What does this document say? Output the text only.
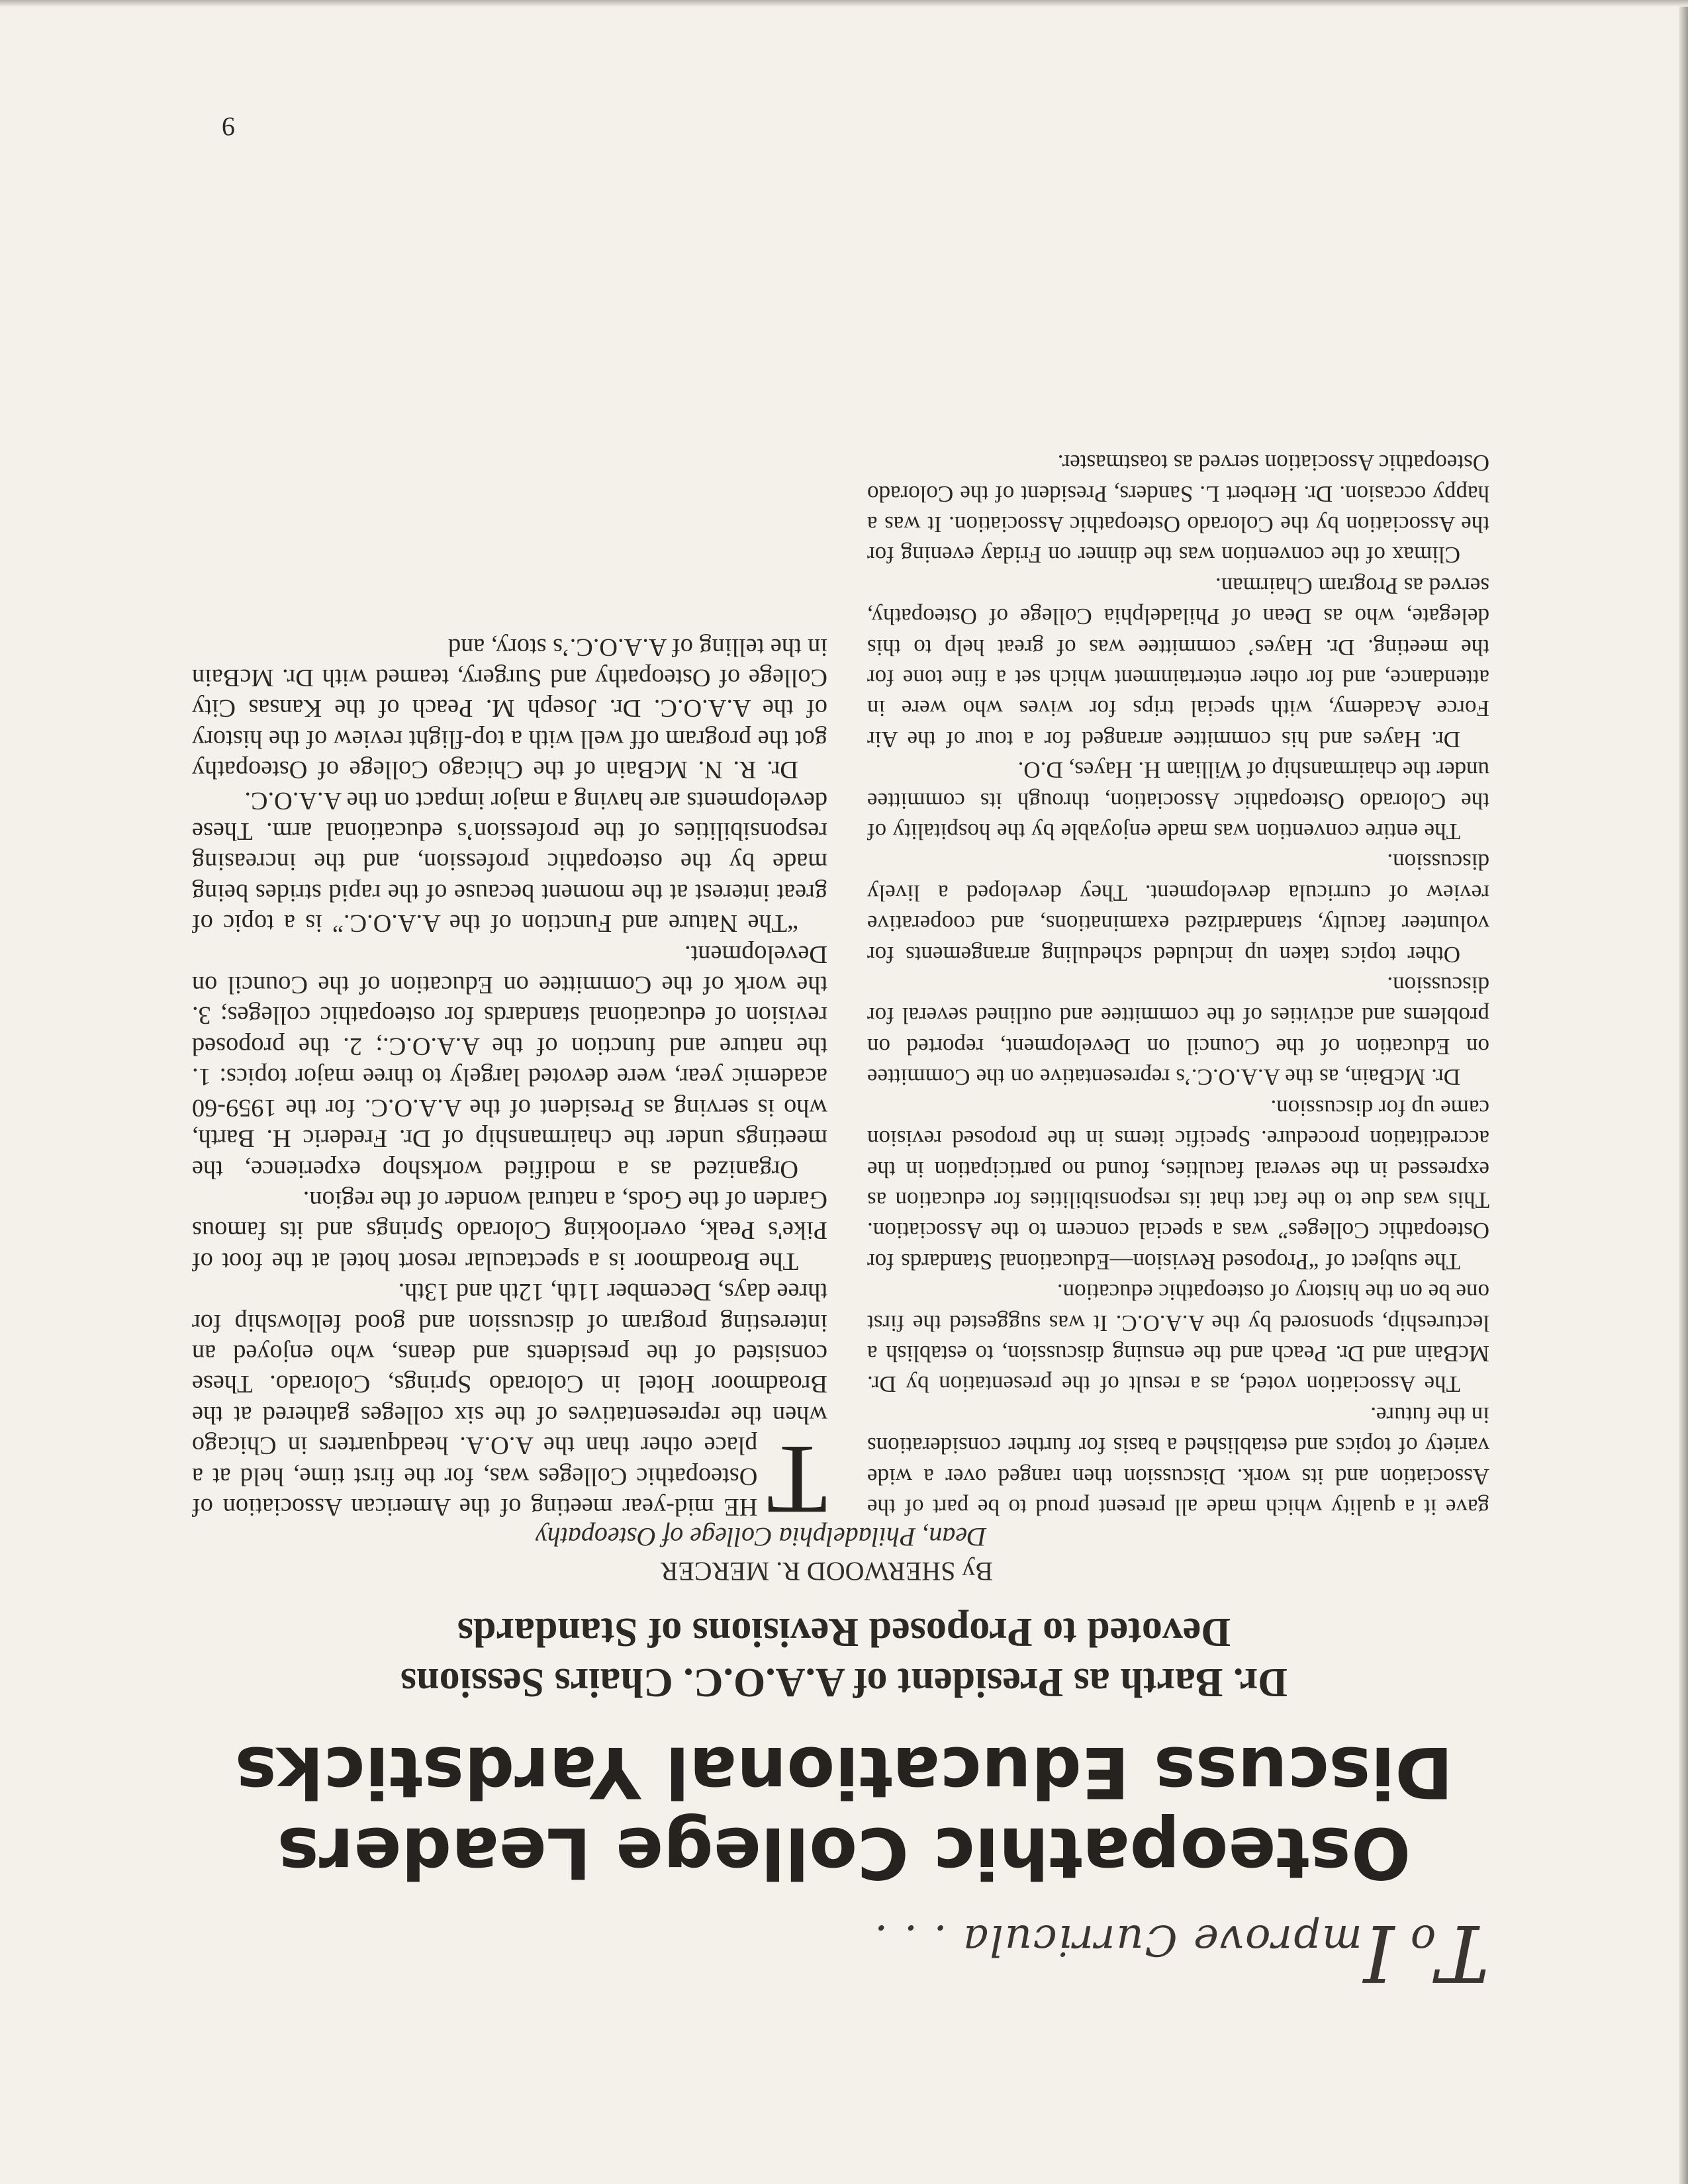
To Improve Curricula . . .
Osteopathic College Leaders
Discuss Educational Yardsticks
Dr. Barth as President of A.A.O.C. Chairs Sessions
Devoted to Proposed Revisions of Standards
By SHERWOOD R. MERCER
Dean, Philadelphia College of Osteopathy
T

HE mid-year meeting of the American Association of Osteopathic Colleges was, for the first time, held at a place other than the A.O.A. headquarters in Chicago when the representatives of the six colleges gathered at the Broadmoor Hotel in Colorado Springs, Colorado. These consisted of the presidents and deans, who enjoyed an interesting program of discussion and good fellowship for three days, December 11th, 12th and 13th.

The Broadmoor is a spectacular resort hotel at the foot of Pike's Peak, overlooking Colorado Springs and its famous Garden of the Gods, a natural wonder of the region.

Organized as a modified workshop experience, the meetings under the chairmanship of Dr. Frederic H. Barth, who is serving as President of the A.A.O.C. for the 1959-60 academic year, were devoted largely to three major topics: 1. the nature and function of the A.A.O.C.; 2. the proposed revision of educational standards for osteopathic colleges; 3. the work of the Committee on Education of the Council on Development.

“The Nature and Function of the A.A.O.C.” is a topic of great interest at the moment because of the rapid strides being made by the osteopathic profession, and the increasing responsibilities of the profession’s educational arm. These developments are having a major impact on the A.A.O.C.

Dr. R. N. McBain of the Chicago College of Osteopathy got the program off well with a top-flight review of the history of the A.A.O.C. Dr. Joseph M. Peach of the Kansas City College of Osteopathy and Surgery, teamed with Dr. McBain in the telling of A.A.O.C.’s story, and

gave it a quality which made all present proud to be part of the Association and its work. Discussion then ranged over a wide variety of topics and established a basis for further considerations in the future.

The Association voted, as a result of the presentation by Dr. McBain and Dr. Peach and the ensuing discussion, to establish a lectureship, sponsored by the A.A.O.C. It was suggested the first one be on the history of osteopathic education.

The subject of “Proposed Revision—Educational Standards for Osteopathic Colleges” was a special concern to the Association. This was due to the fact that its responsibilities for education as expressed in the several faculties, found no participation in the accreditation procedure. Specific items in the proposed revision came up for discussion.

Dr. McBain, as the A.A.O.C.’s representative on the Committee on Education of the Council on Development, reported on problems and activities of the committee and outlined several for discussion.

Other topics taken up included scheduling arrangements for volunteer faculty, standardized examinations, and cooperative review of curricula development. They developed a lively discussion.

The entire convention was made enjoyable by the hospitality of the Colorado Osteopathic Association, through its committee under the chairmanship of William H. Hayes, D.O.

Dr. Hayes and his committee arranged for a tour of the Air Force Academy, with special trips for wives who were in attendance, and for other entertainment which set a fine tone for the meeting. Dr. Hayes’ committee was of great help to this delegate, who as Dean of Philadelphia College of Osteopathy, served as Program Chairman.

Climax of the convention was the dinner on Friday evening for the Association by the Colorado Osteopathic Association. It was a happy occasion. Dr. Herbert L. Sanders, President of the Colorado Osteopathic Association served as toastmaster.

9
